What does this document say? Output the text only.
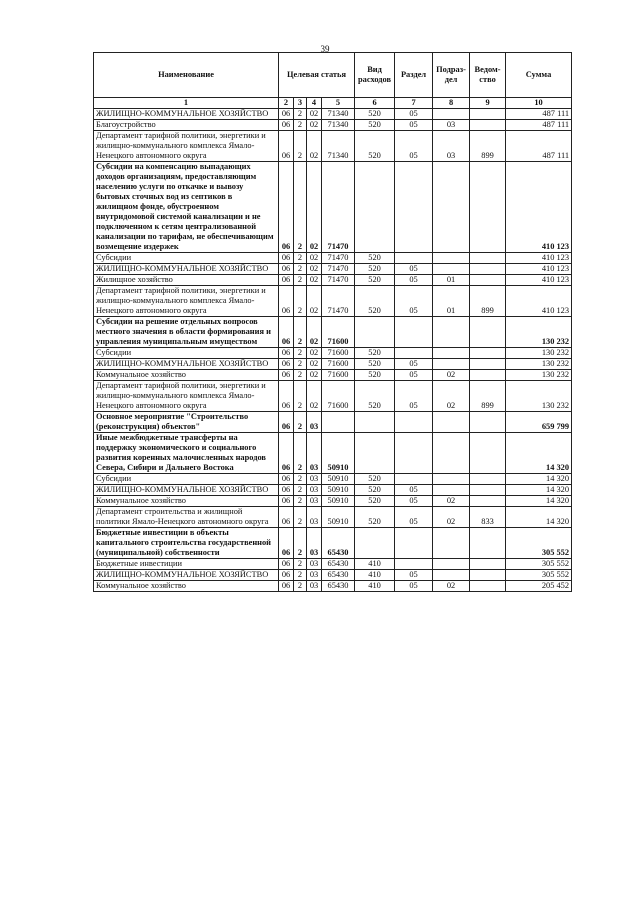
39
Наименование	Целевая статья				Вид расходов	Раздел	Подраз-дел	Ведом-ство	Сумма
1	2	3	4	5	6	7	8	9	10
ЖИЛИЩНО-КОММУНАЛЬНОЕ ХОЗЯЙСТВО	06	2	02	71340	520	05			487 111
Благоустройство	06	2	02	71340	520	05	03		487 111
Департамент тарифной политики, энергетики и жилищно-коммунального комплекса Ямало-Ненецкого автономного округа	06	2	02	71340	520	05	03	899	487 111
Субсидии на компенсацию выпадающих доходов организациям, предоставляющим населению услуги по откачке и вывозу бытовых сточных вод из септиков в жилищном фонде, обустроенном внутридомовой системой канализации и не подключенном к сетям централизованной канализации по тарифам, не обеспечивающим возмещение издержек	06	2	02	71470					410 123
Субсидии	06	2	02	71470	520				410 123
ЖИЛИЩНО-КОММУНАЛЬНОЕ ХОЗЯЙСТВО	06	2	02	71470	520	05			410 123
Жилищное хозяйство	06	2	02	71470	520	05	01		410 123
Департамент тарифной политики, энергетики и жилищно-коммунального комплекса Ямало-Ненецкого автономного округа	06	2	02	71470	520	05	01	899	410 123
Субсидии на решение отдельных вопросов местного значения в области формирования и управления муниципальным имуществом	06	2	02	71600					130 232
Субсидии	06	2	02	71600	520				130 232
ЖИЛИЩНО-КОММУНАЛЬНОЕ ХОЗЯЙСТВО	06	2	02	71600	520	05			130 232
Коммунальное хозяйство	06	2	02	71600	520	05	02		130 232
Департамент тарифной политики, энергетики и жилищно-коммунального комплекса Ямало-Ненецкого автономного округа	06	2	02	71600	520	05	02	899	130 232
Основное мероприятие "Строительство (реконструкция) объектов"	06	2	03						659 799
Иные межбюджетные трансферты на поддержку экономического и социального развития коренных малочисленных народов Севера, Сибири и Дальнего Востока	06	2	03	50910					14 320
Субсидии	06	2	03	50910	520				14 320
ЖИЛИЩНО-КОММУНАЛЬНОЕ ХОЗЯЙСТВО	06	2	03	50910	520	05			14 320
Коммунальное хозяйство	06	2	03	50910	520	05	02		14 320
Департамент строительства и жилищной политики Ямало-Ненецкого автономного округа	06	2	03	50910	520	05	02	833	14 320
Бюджетные инвестиции в объекты капитального строительства государственной (муниципальной) собственности	06	2	03	65430					305 552
Бюджетные инвестиции	06	2	03	65430	410				305 552
ЖИЛИЩНО-КОММУНАЛЬНОЕ ХОЗЯЙСТВО	06	2	03	65430	410	05			305 552
Коммунальное хозяйство	06	2	03	65430	410	05	02		205 452
